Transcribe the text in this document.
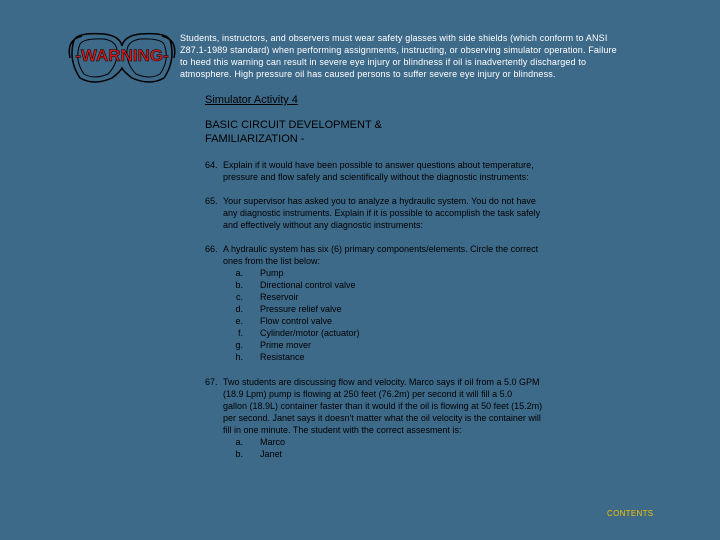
-WARNING-
Students, instructors, and observers must wear safety glasses with side shields (which conform to ANSI
Z87.1-1989 standard) when performing assignments, instructing, or observing simulator operation. Failure
to heed this warning can result in severe eye injury or blindness if oil is inadvertently discharged to
atmosphere. High pressure oil has caused persons to suffer severe eye injury or blindness.
Simulator Activity 4
BASIC CIRCUIT DEVELOPMENT & FAMILIARIZATION -
64. Explain if it would have been possible to answer questions about temperature,
pressure and flow safely and scientifically without the diagnostic instruments:
65. Your supervisor has asked you to analyze a hydraulic system. You do not have
any diagnostic instruments. Explain if it is possible to accomplish the task safely
and effectively without any diagnostic instruments:
66. A hydraulic system has six (6) primary components/elements. Circle the correct
ones from the list below:
a. Pump
b. Directional control valve
c. Reservoir
d. Pressure relief valve
e. Flow control valve
f. Cylinder/motor (actuator)
g. Prime mover
h. Resistance
67. Two students are discussing flow and velocity. Marco says if oil from a 5.0 GPM
(18.9 Lpm) pump is flowing at 250 feet (76.2m) per second it will fill a 5.0
gallon (18.9L) container faster than it would if the oil is flowing at 50 feet (15.2m)
per second. Janet says it doesn't matter what the oil velocity is the container will
fill in one minute. The student with the correct assesment is:
a. Marco
b. Janet
CONTENTS
